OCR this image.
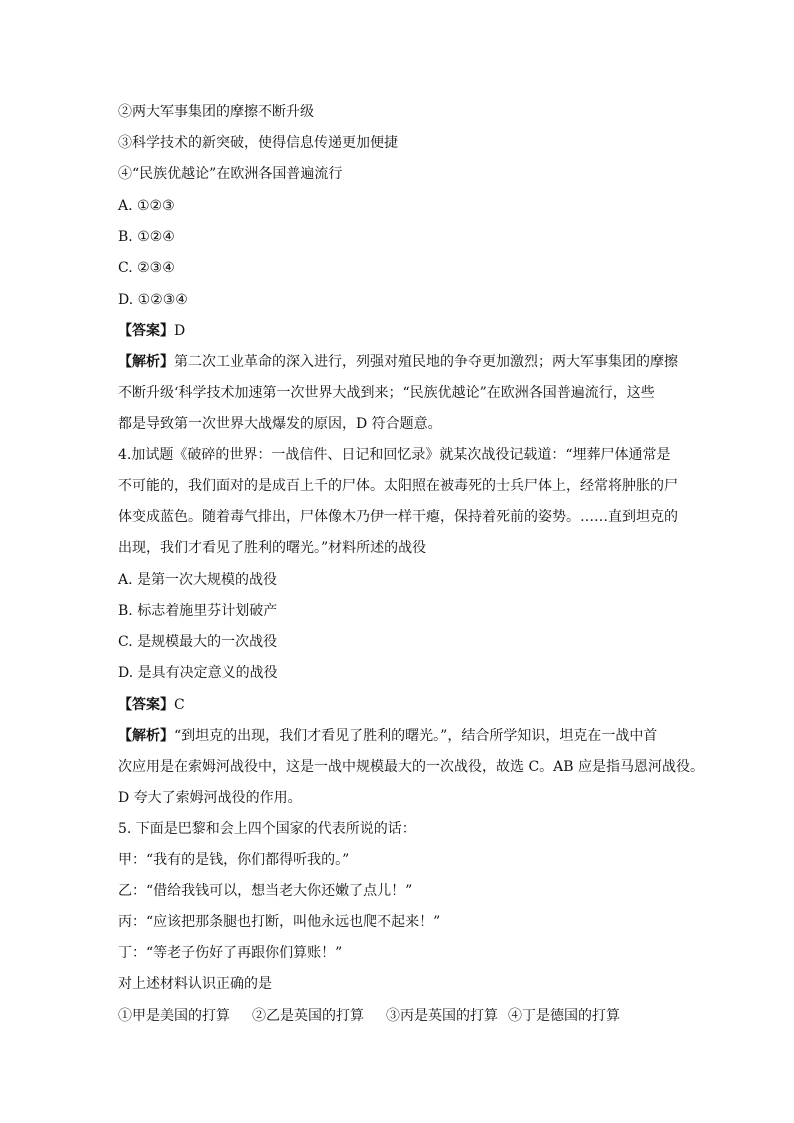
②两大军事集团的摩擦不断升级
③科学技术的新突破，使得信息传递更加便捷
④“民族优越论”在欧洲各国普遍流行
A. ①②③
B. ①②④
C. ②③④
D. ①②③④
【答案】D
【解析】第二次工业革命的深入进行，列强对殖民地的争夺更加激烈；两大军事集团的摩擦
不断升级‘科学技术加速第一次世界大战到来；“民族优越论”在欧洲各国普遍流行，这些
都是导致第一次世界大战爆发的原因，D 符合题意。
4.加试题《破碎的世界：一战信件、日记和回忆录》就某次战役记载道：“埋葬尸体通常是
不可能的，我们面对的是成百上千的尸体。太阳照在被毒死的士兵尸体上，经常将肿胀的尸
体变成蓝色。随着毒气排出，尸体像木乃伊一样干瘪，保持着死前的姿势。……直到坦克的
出现，我们才看见了胜利的曙光。”材料所述的战役
A. 是第一次大规模的战役
B. 标志着施里芬计划破产
C. 是规模最大的一次战役
D. 是具有决定意义的战役
【答案】C
【解析】“到坦克的出现，我们才看见了胜利的曙光。”，结合所学知识，坦克在一战中首
次应用是在索姆河战役中，这是一战中规模最大的一次战役，故选 C。AB 应是指马恩河战役。
D 夸大了索姆河战役的作用。
5. 下面是巴黎和会上四个国家的代表所说的话：
甲：“我有的是钱，你们都得听我的。”
乙：“借给我钱可以，想当老大你还嫩了点儿！”
丙：“应该把那条腿也打断，叫他永远也爬不起来！”
丁：“等老子伤好了再跟你们算账！”
对上述材料认识正确的是
①甲是美国的打算 ②乙是英国的打算 ③丙是英国的打算 ④丁是德国的打算
